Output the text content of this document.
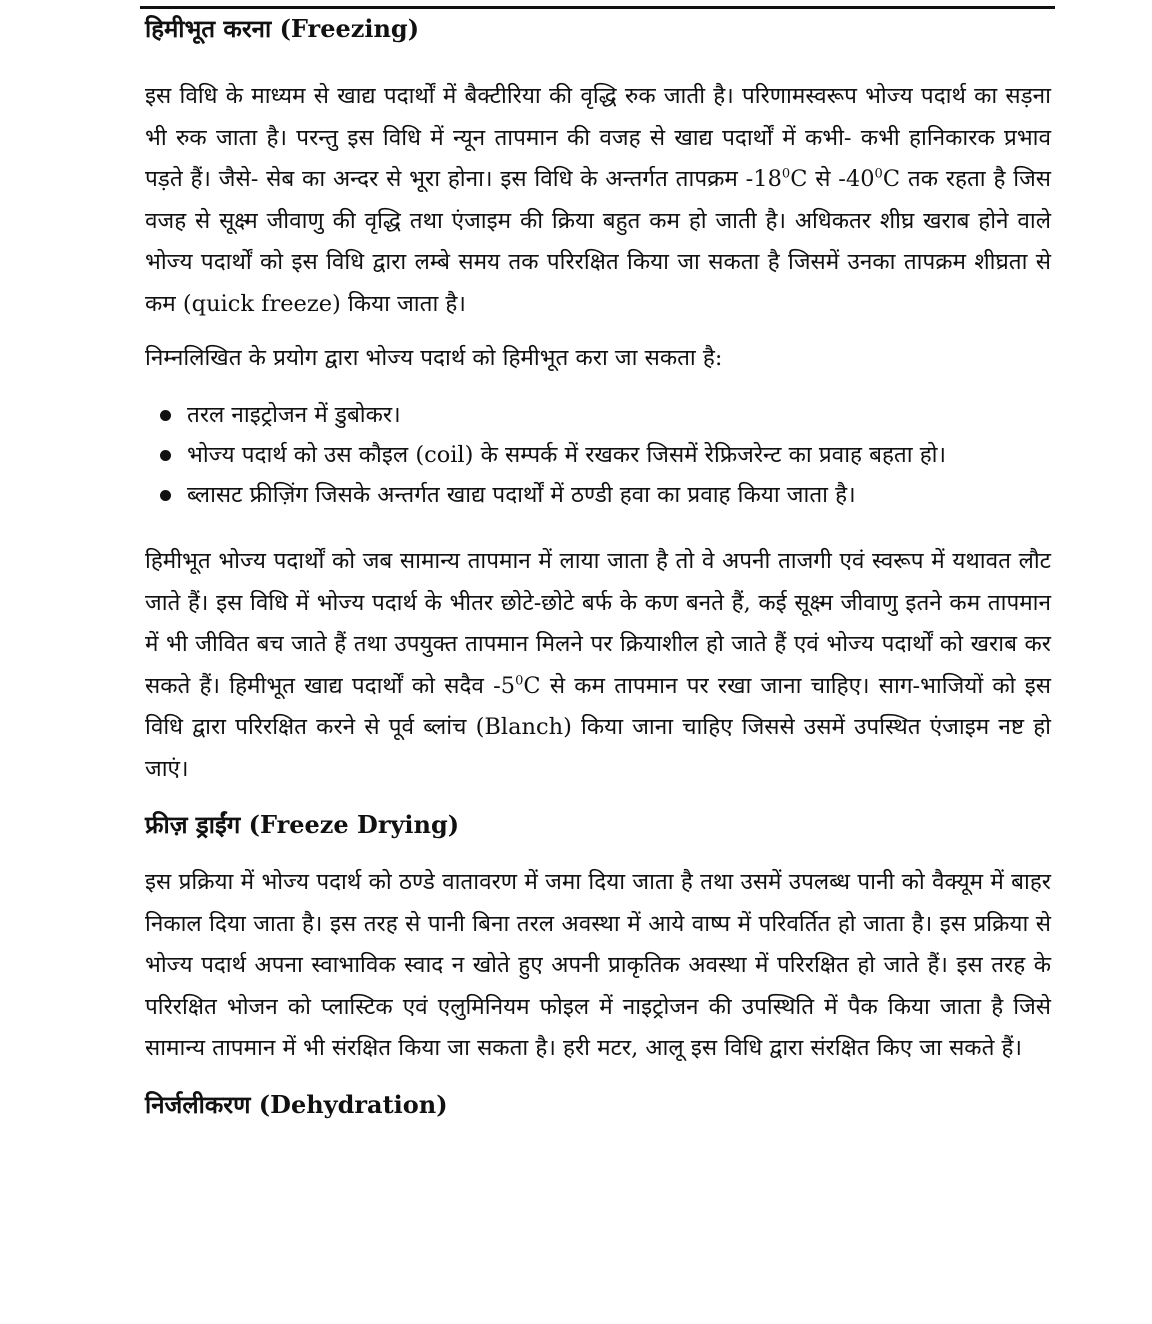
हिमीभूत करना (Freezing)

इस विधि के माध्यम से खाद्य पदार्थों में बैक्टीरिया की वृद्धि रुक जाती है। परिणामस्वरूप भोज्य पदार्थ का सड़ना भी रुक जाता है। परन्तु इस विधि में न्यून तापमान की वजह से खाद्य पदार्थों में कभी- कभी हानिकारक प्रभाव पड़ते हैं। जैसे- सेब का अन्दर से भूरा होना। इस विधि के अन्तर्गत तापक्रम $-18^0C$ से $-40^0C$ तक रहता है जिस वजह से सूक्ष्म जीवाणु की वृद्धि तथा एंजाइम की क्रिया बहुत कम हो जाती है। अधिकतर शीघ्र खराब होने वाले भोज्य पदार्थों को इस विधि द्वारा लम्बे समय तक परिरक्षित किया जा सकता है जिसमें उनका तापक्रम शीघ्रता से कम (quick freeze) किया जाता है।

निम्नलिखित के प्रयोग द्वारा भोज्य पदार्थ को हिमीभूत करा जा सकता है:

तरल नाइट्रोजन में डुबोकर।
भोज्य पदार्थ को उस कौइल (coil) के सम्पर्क में रखकर जिसमें रेफ्रिजरेन्ट का प्रवाह बहता हो।
ब्लासट फ्रीज़िंग जिसके अन्तर्गत खाद्य पदार्थों में ठण्डी हवा का प्रवाह किया जाता है।

हिमीभूत भोज्य पदार्थों को जब सामान्य तापमान में लाया जाता है तो वे अपनी ताजगी एवं स्वरूप में यथावत लौट जाते हैं। इस विधि में भोज्य पदार्थ के भीतर छोटे-छोटे बर्फ के कण बनते हैं, कई सूक्ष्म जीवाणु इतने कम तापमान में भी जीवित बच जाते हैं तथा उपयुक्त तापमान मिलने पर क्रियाशील हो जाते हैं एवं भोज्य पदार्थों को खराब कर सकते हैं। हिमीभूत खाद्य पदार्थों को सदैव $-5^0C$ से कम तापमान पर रखा जाना चाहिए। साग-भाजियों को इस विधि द्वारा परिरक्षित करने से पूर्व ब्लांच (Blanch) किया जाना चाहिए जिससे उसमें उपस्थित एंजाइम नष्ट हो जाएं।

फ्रीज़ ड्राईंग (Freeze Drying)

इस प्रक्रिया में भोज्य पदार्थ को ठण्डे वातावरण में जमा दिया जाता है तथा उसमें उपलब्ध पानी को वैक्यूम में बाहर निकाल दिया जाता है। इस तरह से पानी बिना तरल अवस्था में आये वाष्प में परिवर्तित हो जाता है। इस प्रक्रिया से भोज्य पदार्थ अपना स्वाभाविक स्वाद न खोते हुए अपनी प्राकृतिक अवस्था में परिरक्षित हो जाते हैं। इस तरह के परिरक्षित भोजन को प्लास्टिक एवं एलुमिनियम फोइल में नाइट्रोजन की उपस्थिति में पैक किया जाता है जिसे सामान्य तापमान में भी संरक्षित किया जा सकता है। हरी मटर, आलू इस विधि द्वारा संरक्षित किए जा सकते हैं।

निर्जलीकरण (Dehydration)
